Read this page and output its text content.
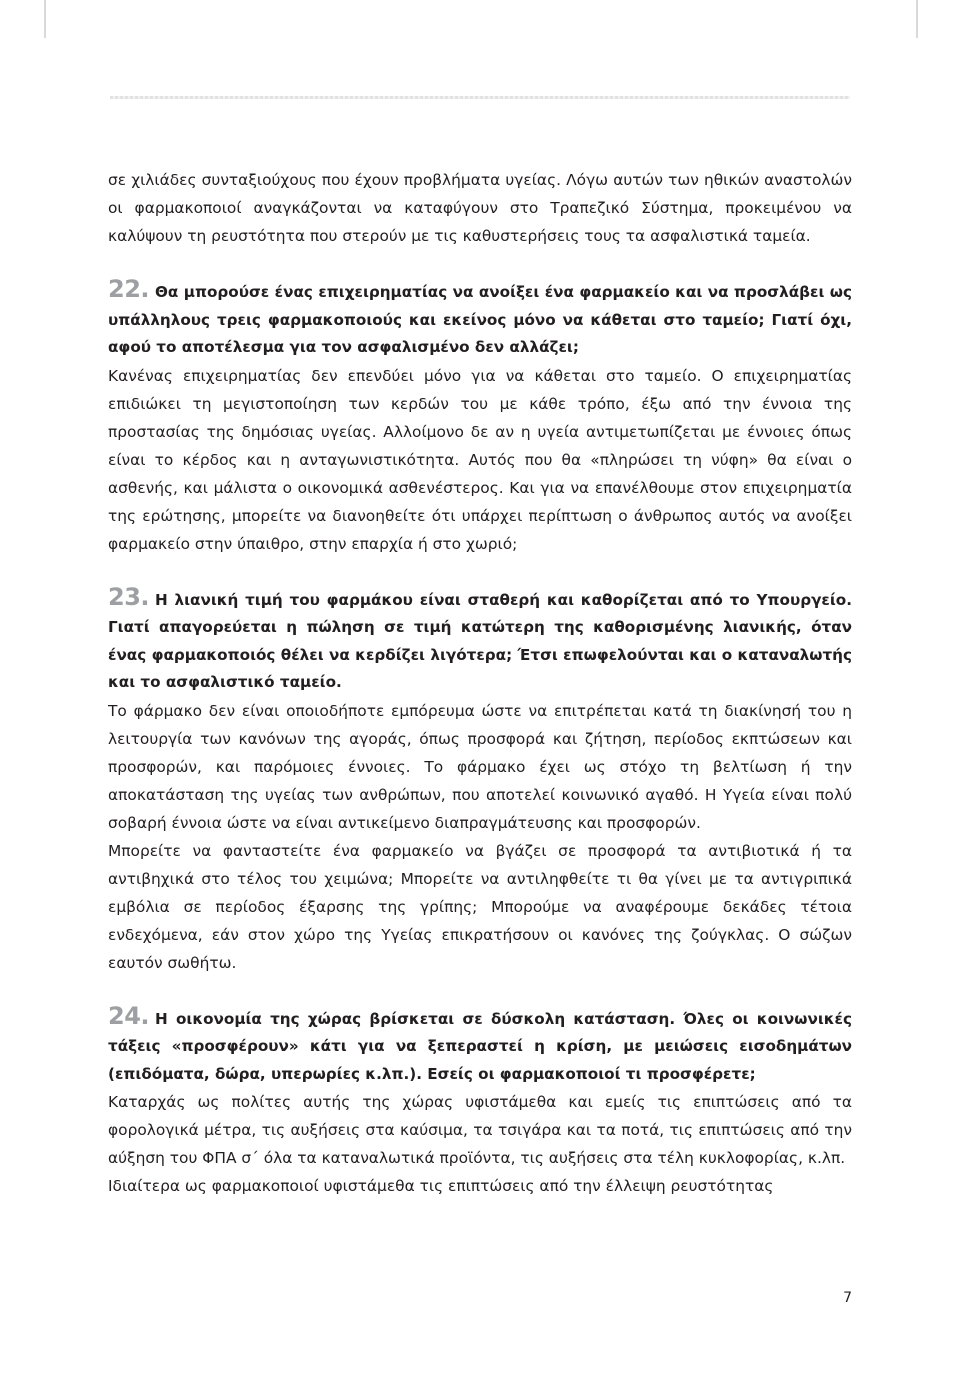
σε χιλιάδες συνταξιούχους που έχουν προβλήματα υγείας. Λόγω αυτών των ηθικών αναστολών οι φαρμακοποιοί αναγκάζονται να καταφύγουν στο Τραπεζικό Σύστημα, προκειμένου να καλύψουν τη ρευστότητα που στερούν με τις καθυστερήσεις τους τα ασφαλιστικά ταμεία.

22. Θα μπορούσε ένας επιχειρηματίας να ανοίξει ένα φαρμακείο και να προσλάβει ως υπάλληλους τρεις φαρμακοποιούς και εκείνος μόνο να κάθεται στο ταμείο; Γιατί όχι, αφού το αποτέλεσμα για τον ασφαλισμένο δεν αλλάζει;

Κανένας επιχειρηματίας δεν επενδύει μόνο για να κάθεται στο ταμείο. Ο επιχειρηματίας επιδιώκει τη μεγιστοποίηση των κερδών του με κάθε τρόπο, έξω από την έννοια της προστασίας της δημόσιας υγείας. Αλλοίμονο δε αν η υγεία αντιμετωπίζεται με έννοιες όπως είναι το κέρδος και η ανταγωνιστικότητα. Αυτός που θα «πληρώσει τη νύφη» θα είναι ο ασθενής, και μάλιστα ο οικονομικά ασθενέστερος. Και για να επανέλθουμε στον επιχειρηματία της ερώτησης, μπορείτε να διανοηθείτε ότι υπάρχει περίπτωση ο άνθρωπος αυτός να ανοίξει φαρμακείο στην ύπαιθρο, στην επαρχία ή στο χωριό;

23. Η λιανική τιμή του φαρμάκου είναι σταθερή και καθορίζεται από το Υπουργείο. Γιατί απαγορεύεται η πώληση σε τιμή κατώτερη της καθορισμένης λιανικής, όταν ένας φαρμακοποιός θέλει να κερδίζει λιγότερα; Έτσι επωφελούνται και ο καταναλωτής και το ασφαλιστικό ταμείο.

Το φάρμακο δεν είναι οποιοδήποτε εμπόρευμα ώστε να επιτρέπεται κατά τη διακίνησή του η λειτουργία των κανόνων της αγοράς, όπως προσφορά και ζήτηση, περίοδος εκπτώσεων και προσφορών, και παρόμοιες έννοιες. Το φάρμακο έχει ως στόχο τη βελτίωση ή την αποκατάσταση της υγείας των ανθρώπων, που αποτελεί κοινωνικό αγαθό. Η Υγεία είναι πολύ σοβαρή έννοια ώστε να είναι αντικείμενο διαπραγμάτευσης και προσφορών.

Μπορείτε να φανταστείτε ένα φαρμακείο να βγάζει σε προσφορά τα αντιβιοτικά ή τα αντιβηχικά στο τέλος του χειμώνα; Μπορείτε να αντιληφθείτε τι θα γίνει με τα αντιγριπικά εμβόλια σε περίοδος έξαρσης της γρίπης; Μπορούμε να αναφέρουμε δεκάδες τέτοια ενδεχόμενα, εάν στον χώρο της Υγείας επικρατήσουν οι κανόνες της ζούγκλας. Ο σώζων εαυτόν σωθήτω.

24. Η οικονομία της χώρας βρίσκεται σε δύσκολη κατάσταση. Όλες οι κοινωνικές τάξεις «προσφέρουν» κάτι για να ξεπεραστεί η κρίση, με μειώσεις εισοδημάτων (επιδόματα, δώρα, υπερωρίες κ.λπ.). Εσείς οι φαρμακοποιοί τι προσφέρετε;

Καταρχάς ως πολίτες αυτής της χώρας υφιστάμεθα και εμείς τις επιπτώσεις από τα φορολογικά μέτρα, τις αυξήσεις στα καύσιμα, τα τσιγάρα και τα ποτά, τις επιπτώσεις από την αύξηση του ΦΠΑ σ΄ όλα τα καταναλωτικά προϊόντα, τις αυξήσεις στα τέλη κυκλοφορίας, κ.λπ.

Ιδιαίτερα ως φαρμακοποιοί υφιστάμεθα τις επιπτώσεις από την έλλειψη ρευστότητας

7
